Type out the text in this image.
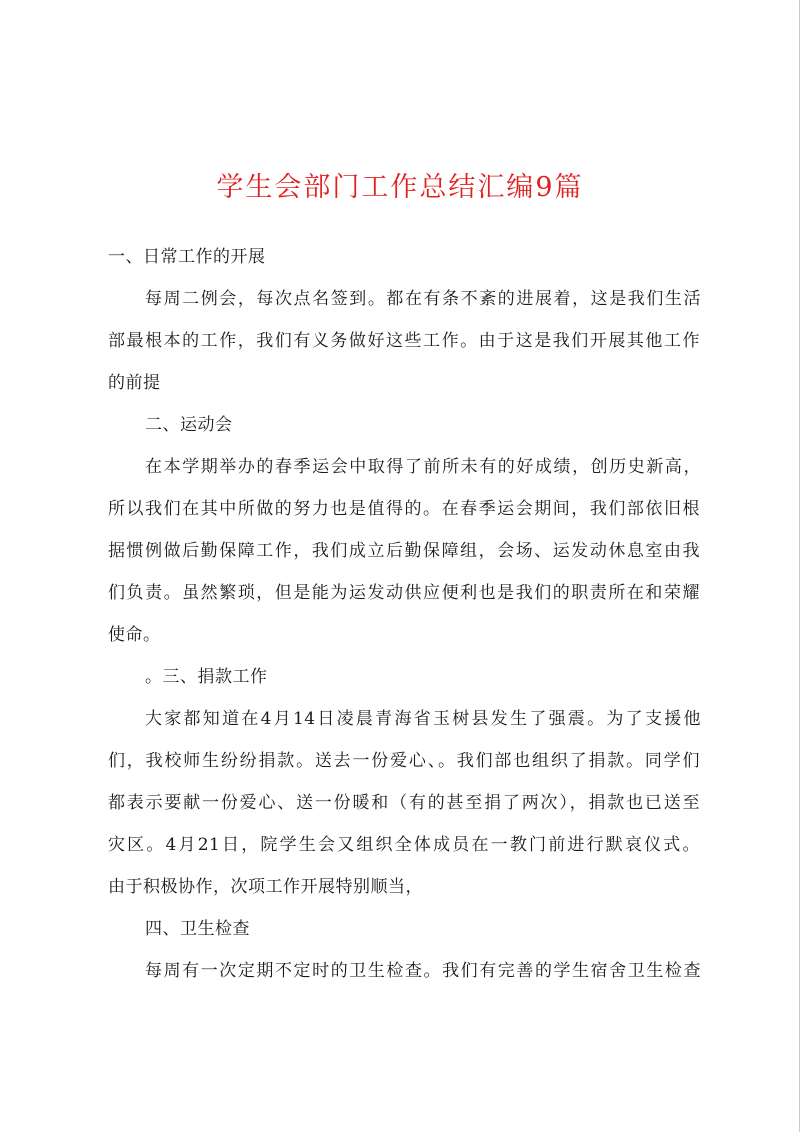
学生会部门工作总结汇编9篇
一、日常工作的开展
每周二例会，每次点名签到。都在有条不紊的进展着，这是我们生活
部最根本的工作，我们有义务做好这些工作。由于这是我们开展其他工作
的前提
二、运动会
在本学期举办的春季运会中取得了前所未有的好成绩，创历史新高，
所以我们在其中所做的努力也是值得的。在春季运会期间，我们部依旧根
据惯例做后勤保障工作，我们成立后勤保障组，会场、运发动休息室由我
们负责。虽然繁琐，但是能为运发动供应便利也是我们的职责所在和荣耀
使命。
。三、捐款工作
大家都知道在4月14日凌晨青海省玉树县发生了强震。为了支援他
们，我校师生纷纷捐款。送去一份爱心、。我们部也组织了捐款。同学们
都表示要献一份爱心、送一份暖和（有的甚至捐了两次），捐款也已送至
灾区。4月21日，院学生会又组织全体成员在一教门前进行默哀仪式。
由于积极协作，次项工作开展特别顺当，
四、卫生检查
每周有一次定期不定时的卫生检查。我们有完善的学生宿舍卫生检查
